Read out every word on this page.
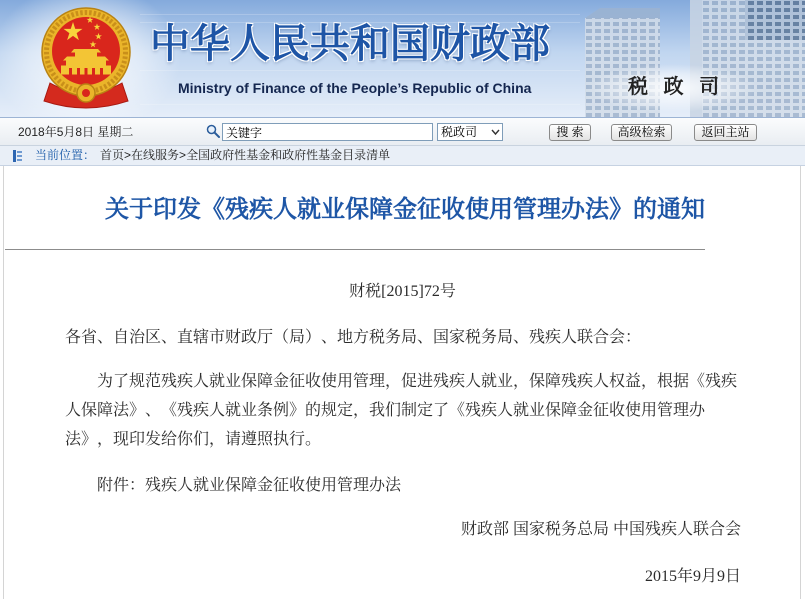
中华人民共和国财政部
Ministry of Finance of the People’s Republic of China	税 政 司
2018年5月8日 星期二
关键字	税政司	搜 索	高级检索	返回主站
当前位置： 首页>在线服务>全国政府性基金和政府性基金目录清单
关于印发《残疾人就业保障金征收使用管理办法》的通知
财税[2015]72号
各省、自治区、直辖市财政厅（局）、地方税务局、国家税务局、残疾人联合会：

为了规范残疾人就业保障金征收使用管理，促进残疾人就业，保障残疾人权益，根据《残疾人保障法》、《残疾人就业条例》的规定，我们制定了《残疾人就业保障金征收使用管理办法》，现印发给你们，请遵照执行。

附件：残疾人就业保障金征收使用管理办法
财政部 国家税务总局 中国残疾人联合会
2015年9月9日
